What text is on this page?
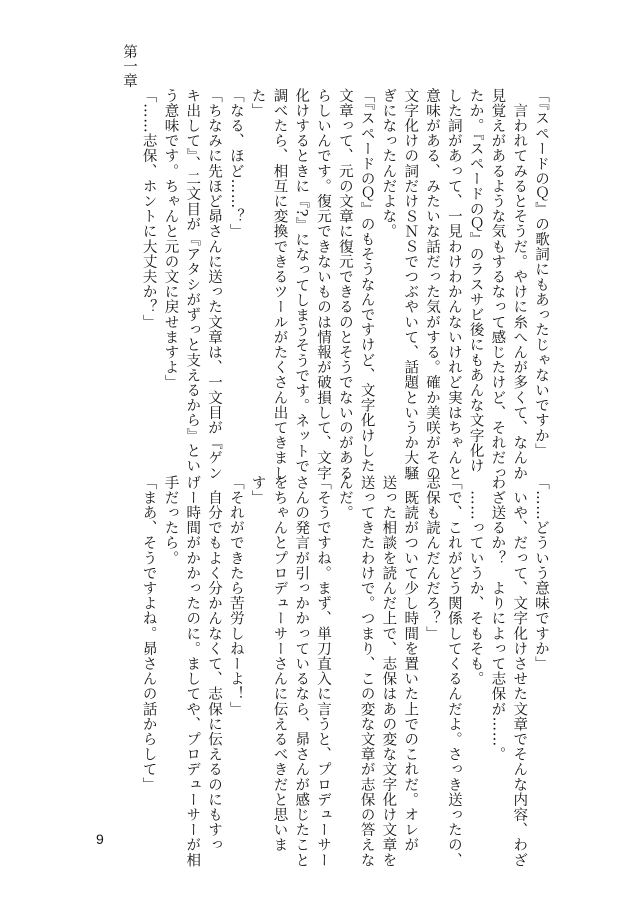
第一章
「『スペードのＱ』の歌詞にもあったじゃないですか」
　言われてみるとそうだ。やけに糸へんが多くて、なんか
見覚えがあるような気もするなって感じたけど、それだっ
たか。『スペードのＱ』のラスサビ後にもあんな文字化け
した詞があって、一見わけわかんないけれど実はちゃんと
意味がある、みたいな話だった気がする。確か美咲がその
文字化けの詞だけＳＮＳでつぶやいて、話題というか大騒
ぎになったんだよな。
「『スペードのＱ』のもそうなんですけど、文字化けした
文章って、元の文章に復元できるのとそうでないのがある
らしいんです。復元できないものは情報が破損して、文字
化けするときに『?』になってしまうそうです。ネットで
調べたら、相互に変換できるツールがたくさん出てきまし
た」
「なる、ほど……？」
「ちなみに先ほど昴さんに送った文章は、一文目が『ゲン
キ出して』、二文目が『アタシがずっと支えるから』とい
う意味です。ちゃんと元の文に戻せますよ」
「……志保、ホントに大丈夫か？」
「……どういう意味ですか」
　いや、だって、文字化けさせた文章でそんな内容、わざ
わざ送るか？　よりによって志保が……。
　……っていうか、そもそも。
「で、これがどう関係してくるんだよ。さっき送ったの、
志保も読んだんだろ？」
　既読がついて少し時間を置いた上でのこれだ。オレが
送った相談を読んだ上で、志保はあの変な文字化け文章を
送ってきたわけで。つまり、この変な文章が志保の答えな
んだ。
「そうですね。まず、単刀直入に言うと、プロデューサー
さんの発言が引っかかっているなら、昴さんが感じたこと
をちゃんとプロデューサーさんに伝えるべきだと思いま
す」
「それができたら苦労しねーよ！」
　自分でもよく分かんなくて、志保に伝えるのにもすっ
げー時間がかかったのに。ましてや、プロデューサーが相
手だったら。
「まあ、そうですよね。昴さんの話からして」
9
